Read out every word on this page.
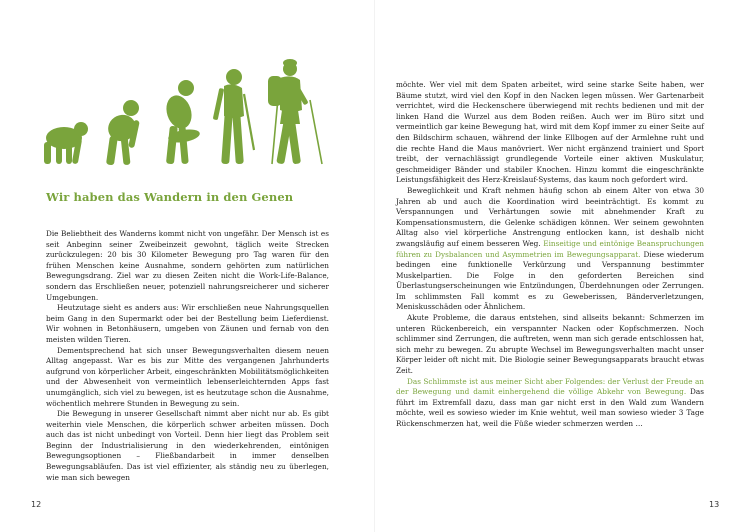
Wir haben das Wandern in den Genen

Die Beliebtheit des Wanderns kommt nicht von ungefähr. Der Mensch ist es seit Anbeginn seiner Zweibeinzeit gewohnt, täglich weite Strecken zurückzulegen: 20 bis 30 Kilometer Bewegung pro Tag waren für den frühen Menschen keine Ausnahme, sondern gehörten zum natürlichen Bewegungsdrang. Ziel war zu diesen Zeiten nicht die Work-Life-Balance, sondern das Erschließen neuer, potenziell nahrungsreicherer und sicherer Umgebungen.

Heutzutage sieht es anders aus: Wir erschließen neue Nahrungsquellen beim Gang in den Supermarkt oder bei der Bestellung beim Lieferdienst. Wir wohnen in Betonhäusern, umgeben von Zäunen und fernab von den meisten wilden Tieren.

Dementsprechend hat sich unser Bewegungsverhalten diesem neuen Alltag angepasst. War es bis zur Mitte des vergangenen Jahrhunderts aufgrund von körperlicher Arbeit, eingeschränkten Mobilitätsmöglichkeiten und der Abwesenheit von vermeintlich lebenserleichternden Apps fast unumgänglich, sich viel zu bewegen, ist es heutzutage schon die Ausnahme, wöchentlich mehrere Stunden in Bewegung zu sein.

Die Bewegung in unserer Gesellschaft nimmt aber nicht nur ab. Es gibt weiterhin viele Menschen, die körperlich schwer arbeiten müssen. Doch auch das ist nicht unbedingt von Vorteil. Denn hier liegt das Problem seit Beginn der Industrialisierung in den wiederkehrenden, eintönigen Bewegungsoptionen – Fließbandarbeit in immer denselben Bewegungsabläufen. Das ist viel effizienter, als ständig neu zu überlegen, wie man sich bewegen

12

möchte. Wer viel mit dem Spaten arbeitet, wird seine starke Seite haben, wer Bäume stutzt, wird viel den Kopf in den Nacken legen müssen. Wer Gartenarbeit verrichtet, wird die Heckenschere überwiegend mit rechts bedienen und mit der linken Hand die Wurzel aus dem Boden reißen. Auch wer im Büro sitzt und vermeintlich gar keine Bewegung hat, wird mit dem Kopf immer zu einer Seite auf den Bildschirm schauen, während der linke Ellbogen auf der Armlehne ruht und die rechte Hand die Maus manövriert. Wer nicht ergänzend trainiert und Sport treibt, der vernachlässigt grundlegende Vorteile einer aktiven Muskulatur, geschmeidiger Bänder und stabiler Knochen. Hinzu kommt die eingeschränkte Leistungsfähigkeit des Herz-Kreislauf-Systems, das kaum noch gefordert wird.

Beweglichkeit und Kraft nehmen häufig schon ab einem Alter von etwa 30 Jahren ab und auch die Koordination wird beeinträchtigt. Es kommt zu Verspannungen und Verhärtungen sowie mit abnehmender Kraft zu Kompensationsmustern, die Gelenke schädigen können. Wer seinem gewohnten Alltag also viel körperliche Anstrengung entlocken kann, ist deshalb nicht zwangsläufig auf einem besseren Weg. Einseitige und eintönige Beanspruchungen führen zu Dysbalancen und Asymmetrien im Bewegungsapparat. Diese wiederum bedingen eine funktionelle Verkürzung und Verspannung bestimmter Muskelpartien. Die Folge in den geforderten Bereichen sind Überlastungserscheinungen wie Entzündungen, Überdehnungen oder Zerrungen. Im schlimmsten Fall kommt es zu Geweberissen, Bänderverletzungen, Meniskusschäden oder Ähnlichem.

Akute Probleme, die daraus entstehen, sind allseits bekannt: Schmerzen im unteren Rückenbereich, ein verspannter Nacken oder Kopfschmerzen. Noch schlimmer sind Zerrungen, die auftreten, wenn man sich gerade entschlossen hat, sich mehr zu bewegen. Zu abrupte Wechsel im Bewegungsverhalten macht unser Körper leider oft nicht mit. Die Biologie seiner Bewegungsapparats braucht etwas Zeit.

Das Schlimmste ist aus meiner Sicht aber Folgendes: der Verlust der Freude an der Bewegung und damit einhergehend die völlige Abkehr von Bewegung. Das führt im Extremfall dazu, dass man gar nicht erst in den Wald zum Wandern möchte, weil es sowieso wieder im Knie wehtut, weil man sowieso wieder 3 Tage Rückenschmerzen hat, weil die Füße wieder schmerzen werden …

13
